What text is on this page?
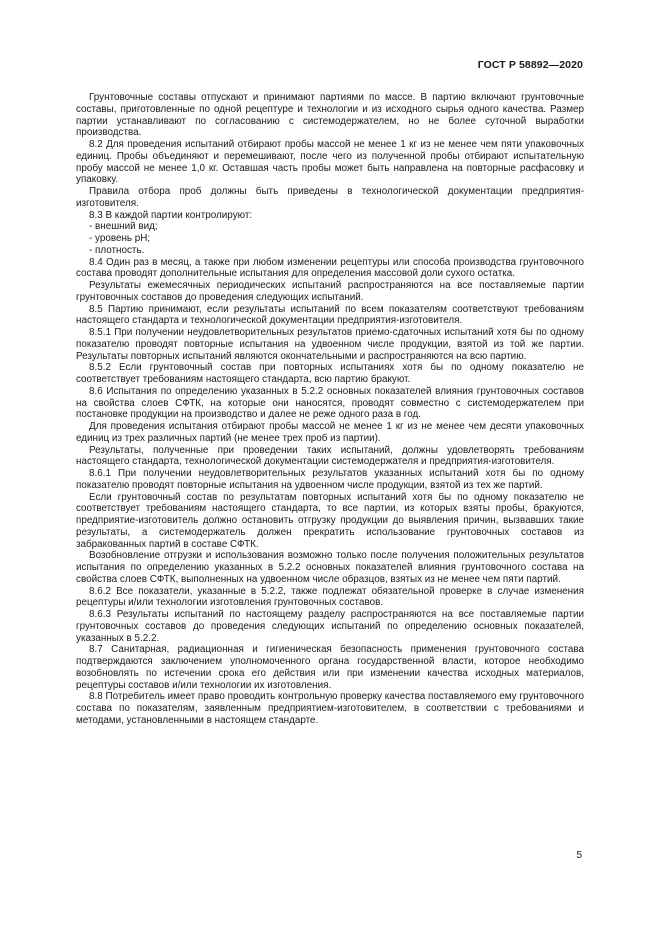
ГОСТ Р 58892—2020

Грунтовочные составы отпускают и принимают партиями по массе. В партию включают грунтовочные составы, приготовленные по одной рецептуре и технологии и из исходного сырья одного качества. Размер партии устанавливают по согласованию с системодержателем, но не более суточной выработки производства.

8.2 Для проведения испытаний отбирают пробы массой не менее 1 кг из не менее чем пяти упаковочных единиц. Пробы объединяют и перемешивают, после чего из полученной пробы отбирают испытательную пробу массой не менее 1,0 кг. Оставшая часть пробы может быть направлена на повторные расфасовку и упаковку.

Правила отбора проб должны быть приведены в технологической документации предприятия-изготовителя.

8.3 В каждой партии контролируют:

- внешний вид;

- уровень pH;

- плотность.

8.4 Один раз в месяц, а также при любом изменении рецептуры или способа производства грунтовочного состава проводят дополнительные испытания для определения массовой доли сухого остатка.

Результаты ежемесячных периодических испытаний распространяются на все поставляемые партии грунтовочных составов до проведения следующих испытаний.

8.5 Партию принимают, если результаты испытаний по всем показателям соответствуют требованиям настоящего стандарта и технологической документации предприятия-изготовителя.

8.5.1 При получении неудовлетворительных результатов приемо-сдаточных испытаний хотя бы по одному показателю проводят повторные испытания на удвоенном числе продукции, взятой из той же партии. Результаты повторных испытаний являются окончательными и распространяются на всю партию.

8.5.2 Если грунтовочный состав при повторных испытаниях хотя бы по одному показателю не соответствует требованиям настоящего стандарта, всю партию бракуют.

8.6 Испытания по определению указанных в 5.2.2 основных показателей влияния грунтовочных составов на свойства слоев СФТК, на которые они наносятся, проводят совместно с системодержателем при постановке продукции на производство и далее не реже одного раза в год.

Для проведения испытания отбирают пробы массой не менее 1 кг из не менее чем десяти упаковочных единиц из трех различных партий (не менее трех проб из партии).

Результаты, полученные при проведении таких испытаний, должны удовлетворять требованиям настоящего стандарта, технологической документации системодержателя и предприятия-изготовителя.

8.6.1 При получении неудовлетворительных результатов указанных испытаний хотя бы по одному показателю проводят повторные испытания на удвоенном числе продукции, взятой из тех же партий.

Если грунтовочный состав по результатам повторных испытаний хотя бы по одному показателю не соответствует требованиям настоящего стандарта, то все партии, из которых взяты пробы, бракуются, предприятие-изготовитель должно остановить отгрузку продукции до выявления причин, вызвавших такие результаты, а системодержатель должен прекратить использование грунтовочных составов из забракованных партий в составе СФТК.

Возобновление отгрузки и использования возможно только после получения положительных результатов испытания по определению указанных в 5.2.2 основных показателей влияния грунтовочного состава на свойства слоев СФТК, выполненных на удвоенном числе образцов, взятых из не менее чем пяти партий.

8.6.2 Все показатели, указанные в 5.2.2, также подлежат обязательной проверке в случае изменения рецептуры и/или технологии изготовления грунтовочных составов.

8.6.3 Результаты испытаний по настоящему разделу распространяются на все поставляемые партии грунтовочных составов до проведения следующих испытаний по определению основных показателей, указанных в 5.2.2.

8.7 Санитарная, радиационная и гигиеническая безопасность применения грунтовочного состава подтверждаются заключением уполномоченного органа государственной власти, которое необходимо возобновлять по истечении срока его действия или при изменении качества исходных материалов, рецептуры составов и/или технологии их изготовления.

8.8 Потребитель имеет право проводить контрольную проверку качества поставляемого ему грунтовочного состава по показателям, заявленным предприятием-изготовителем, в соответствии с требованиями и методами, установленными в настоящем стандарте.

5
